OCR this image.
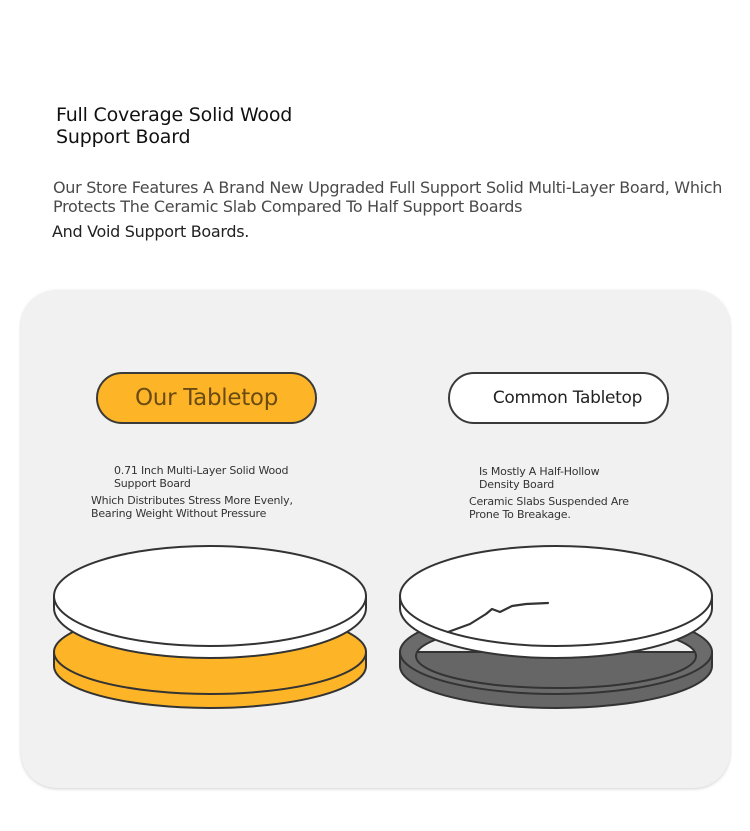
Full Coverage Solid Wood
Support Board
Our Store Features A Brand New Upgraded Full Support Solid Multi-Layer Board, Which
Protects The Ceramic Slab Compared To Half Support Boards
And Void Support Boards.
Our Tabletop	Common Tabletop
0.71 Inch Multi-Layer Solid Wood
Support Board
Which Distributes Stress More Evenly,
Bearing Weight Without Pressure
Is Mostly A Half-Hollow
Density Board
Ceramic Slabs Suspended Are
Prone To Breakage.
